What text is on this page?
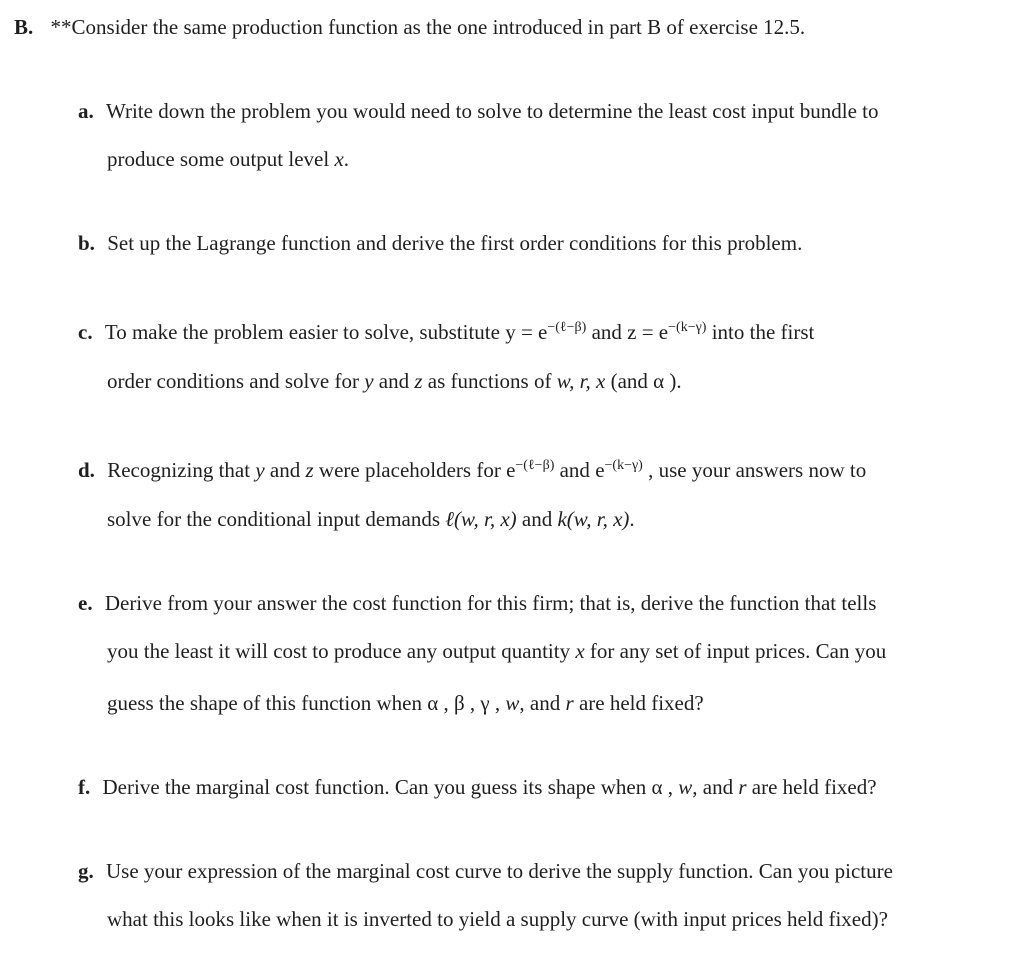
B. **Consider the same production function as the one introduced in part B of exercise 12.5.
a. Write down the problem you would need to solve to determine the least cost input bundle to
produce some output level x.
b. Set up the Lagrange function and derive the first order conditions for this problem.
c. To make the problem easier to solve, substitute $y = e^{-(\ell-\beta)}$ and $z = e^{-(k-\gamma)}$ into the first
order conditions and solve for y and z as functions of w, r, x (and α ).
d. Recognizing that y and z were placeholders for $e^{-(\ell-\beta)}$ and $e^{-(k-\gamma)}$ , use your answers now to
solve for the conditional input demands ℓ(w, r, x) and k(w, r, x).
e. Derive from your answer the cost function for this firm; that is, derive the function that tells
you the least it will cost to produce any output quantity x for any set of input prices. Can you
guess the shape of this function when α , β , γ , w, and r are held fixed?
f. Derive the marginal cost function. Can you guess its shape when α , w, and r are held fixed?
g. Use your expression of the marginal cost curve to derive the supply function. Can you picture
what this looks like when it is inverted to yield a supply curve (with input prices held fixed)?
